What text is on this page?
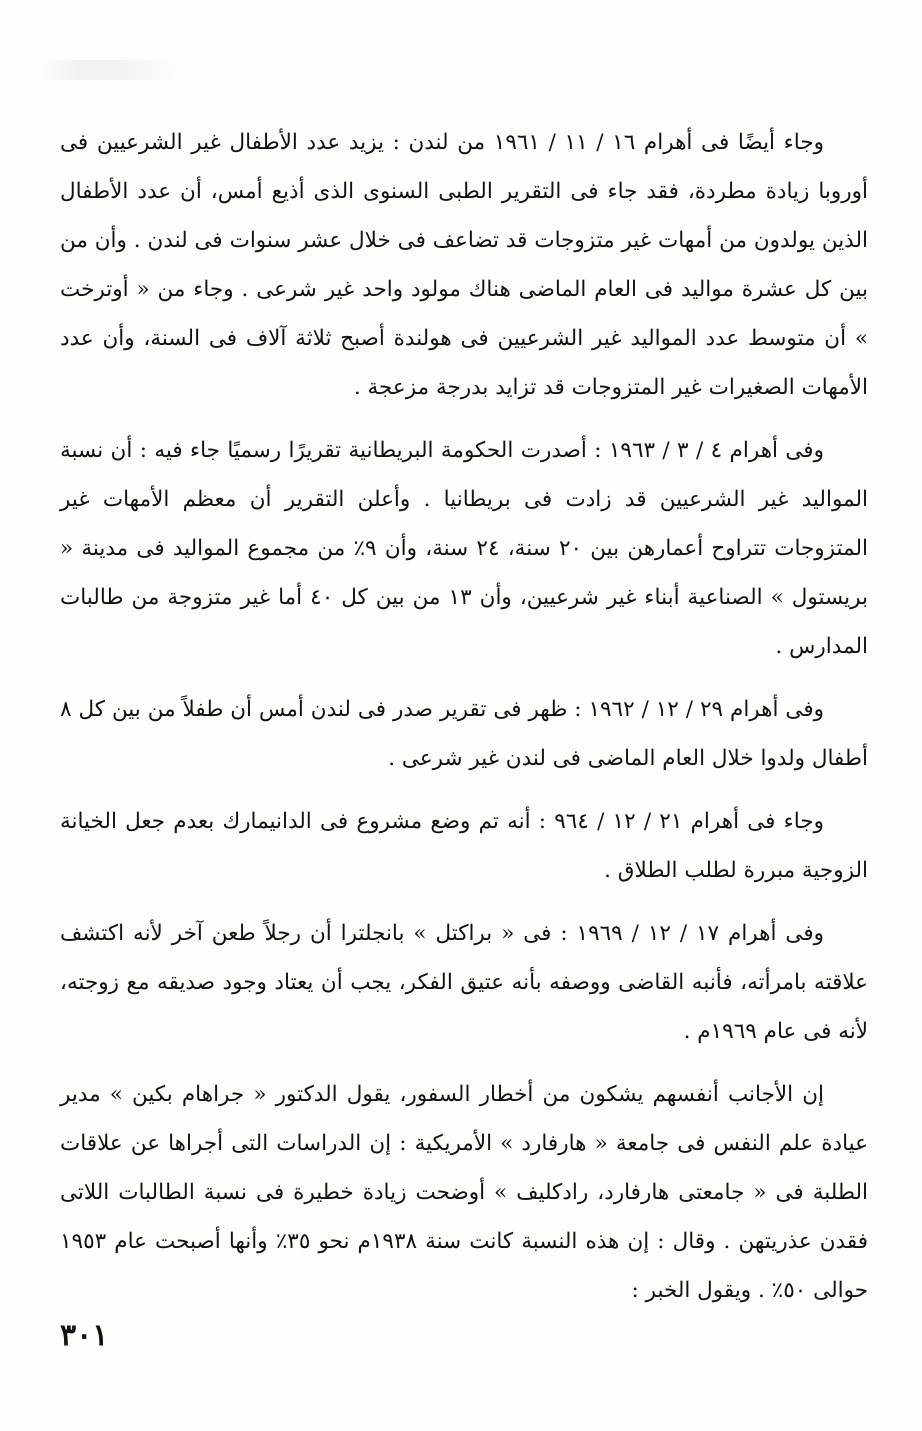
وجاء أيضًا فى أهرام ١٦ / ١١ / ١٩٦١ من لندن : يزيد عدد الأطفال غير الشرعيين فى أوروبا زيادة مطردة، فقد جاء فى التقرير الطبى السنوى الذى أذيع أمس، أن عدد الأطفال الذين يولدون من أمهات غير متزوجات قد تضاعف فى خلال عشر سنوات فى لندن . وأن من بين كل عشرة مواليد فى العام الماضى هناك مولود واحد غير شرعى . وجاء من « أوترخت » أن متوسط عدد المواليد غير الشرعيين فى هولندة أصبح ثلاثة آلاف فى السنة، وأن عدد الأمهات الصغيرات غير المتزوجات قد تزايد بدرجة مزعجة .

وفى أهرام ٤ / ٣ / ١٩٦٣ : أصدرت الحكومة البريطانية تقريرًا رسميًا جاء فيه : أن نسبة المواليد غير الشرعيين قد زادت فى بريطانيا . وأعلن التقرير أن معظم الأمهات غير المتزوجات تتراوح أعمارهن بين ٢٠ سنة، ٢٤ سنة، وأن ٩٪ من مجموع المواليد فى مدينة « بريستول » الصناعية أبناء غير شرعيين، وأن ١٣ من بين كل ٤٠ أما غير متزوجة من طالبات المدارس .

وفى أهرام ٢٩ / ١٢ / ١٩٦٢ : ظهر فى تقرير صدر فى لندن أمس أن طفلاً من بين كل ٨ أطفال ولدوا خلال العام الماضى فى لندن غير شرعى .

وجاء فى أهرام ٢١ / ١٢ / ٩٦٤ : أنه تم وضع مشروع فى الدانيمارك بعدم جعل الخيانة الزوجية مبررة لطلب الطلاق .

وفى أهرام ١٧ / ١٢ / ١٩٦٩ : فى « براكتل » بانجلترا أن رجلاً طعن آخر لأنه اكتشف علاقته بامرأته، فأنبه القاضى ووصفه بأنه عتيق الفكر، يجب أن يعتاد وجود صديقه مع زوجته، لأنه فى عام ١٩٦٩م .

إن الأجانب أنفسهم يشكون من أخطار السفور، يقول الدكتور « جراهام بكين » مدير عيادة علم النفس فى جامعة « هارفارد » الأمريكية : إن الدراسات التى أجراها عن علاقات الطلبة فى « جامعتى هارفارد، رادكليف » أوضحت زيادة خطيرة فى نسبة الطالبات اللاتى فقدن عذريتهن . وقال : إن هذه النسبة كانت سنة ١٩٣٨م نحو ٣٥٪ وأنها أصبحت عام ١٩٥٣ حوالى ٥٠٪ . ويقول الخبر :

٣٠١
